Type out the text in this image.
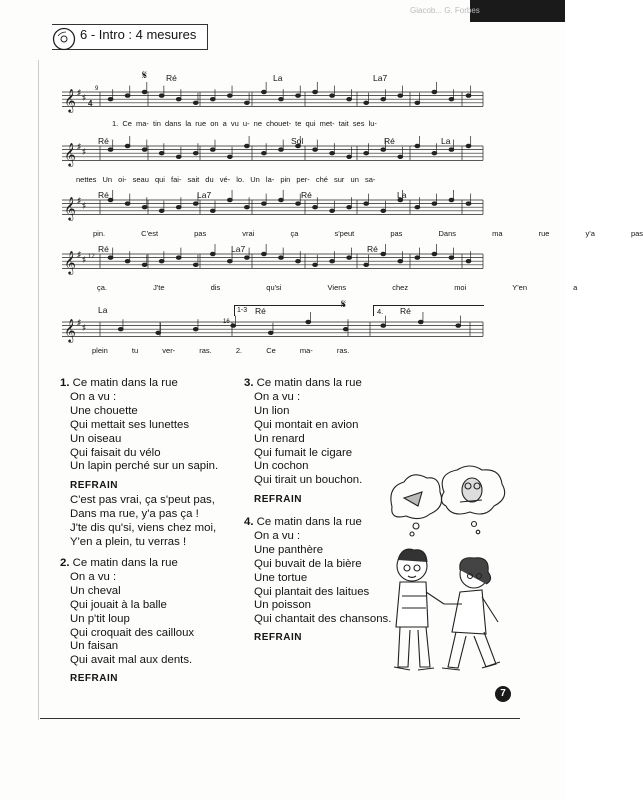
Giacob... G. Forbes
6 - Intro : 4 mesures
𝄞 ♯
♯
4
𝄞 ♯
♯
𝄞 ♯
♯
𝄞 ♯
♯
𝄞 ♯
♯
𝄋 Ré	La	La7
9
1. Ce ma- tin dans la rue on a vu u- ne chouet- te qui met- tait ses lu-
Ré	Sol	Ré	La
nettes Un oi- seau qui fai- sait du vé- lo. Un la- pin per- ché sur un sa-
Ré	La7	Ré	La
pin. C'est pas vrai ça s'peut pas Dans ma rue y'a pas
Ré	La7	Ré
12
ça. J'te dis qu'si Viens chez moi Y'en a
La
16
1-3 Ré	𝄋
4. Ré
plein tu ver- ras. 2. Ce ma- ras.
1. Ce matin dans la rue
On a vu :
Une chouette
Qui mettait ses lunettes
Un oiseau
Qui faisait du vélo
Un lapin perché sur un sapin.
REFRAIN
C'est pas vrai, ça s'peut pas,
Dans ma rue, y'a pas ça !
J'te dis qu'si, viens chez moi,
Y'en a plein, tu verras !
2. Ce matin dans la rue
On a vu :
Un cheval
Qui jouait à la balle
Un p'tit loup
Qui croquait des cailloux
Un faisan
Qui avait mal aux dents.
REFRAIN
3. Ce matin dans la rue
On a vu :
Un lion
Qui montait en avion
Un renard
Qui fumait le cigare
Un cochon
Qui tirait un bouchon.
REFRAIN
4. Ce matin dans la rue
On a vu :
Une panthère
Qui buvait de la bière
Une tortue
Qui plantait des laitues
Un poisson
Qui chantait des chansons.
REFRAIN
7
